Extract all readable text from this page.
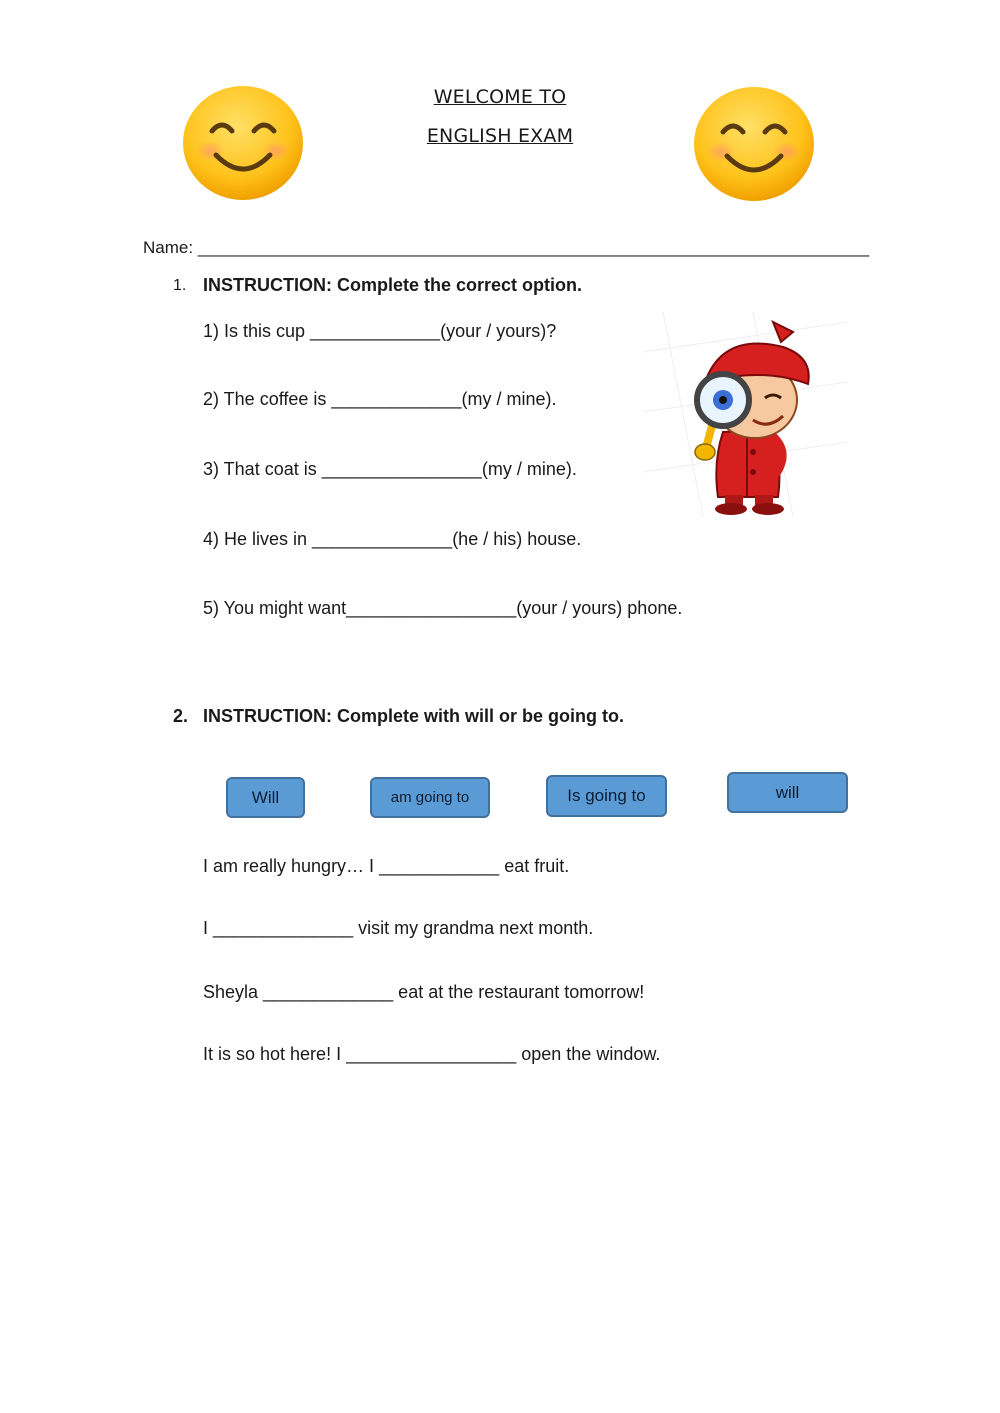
WELCOME TO
ENGLISH EXAM
Name: _______________________________________________________________________
1. INSTRUCTION: Complete the correct option.
1) Is this cup _____________(your / yours)?
2) The coffee is _____________(my / mine).
3) That coat is ________________(my / mine).
4) He lives in ______________(he / his) house.
5) You might want_________________(your / yours) phone.
2. INSTRUCTION: Complete with will or be going to.
Will	am going to	Is going to	will
I am really hungry… I ____________ eat fruit.
I ______________ visit my grandma next month.
Sheyla _____________ eat at the restaurant tomorrow!
It is so hot here! I _________________ open the window.
